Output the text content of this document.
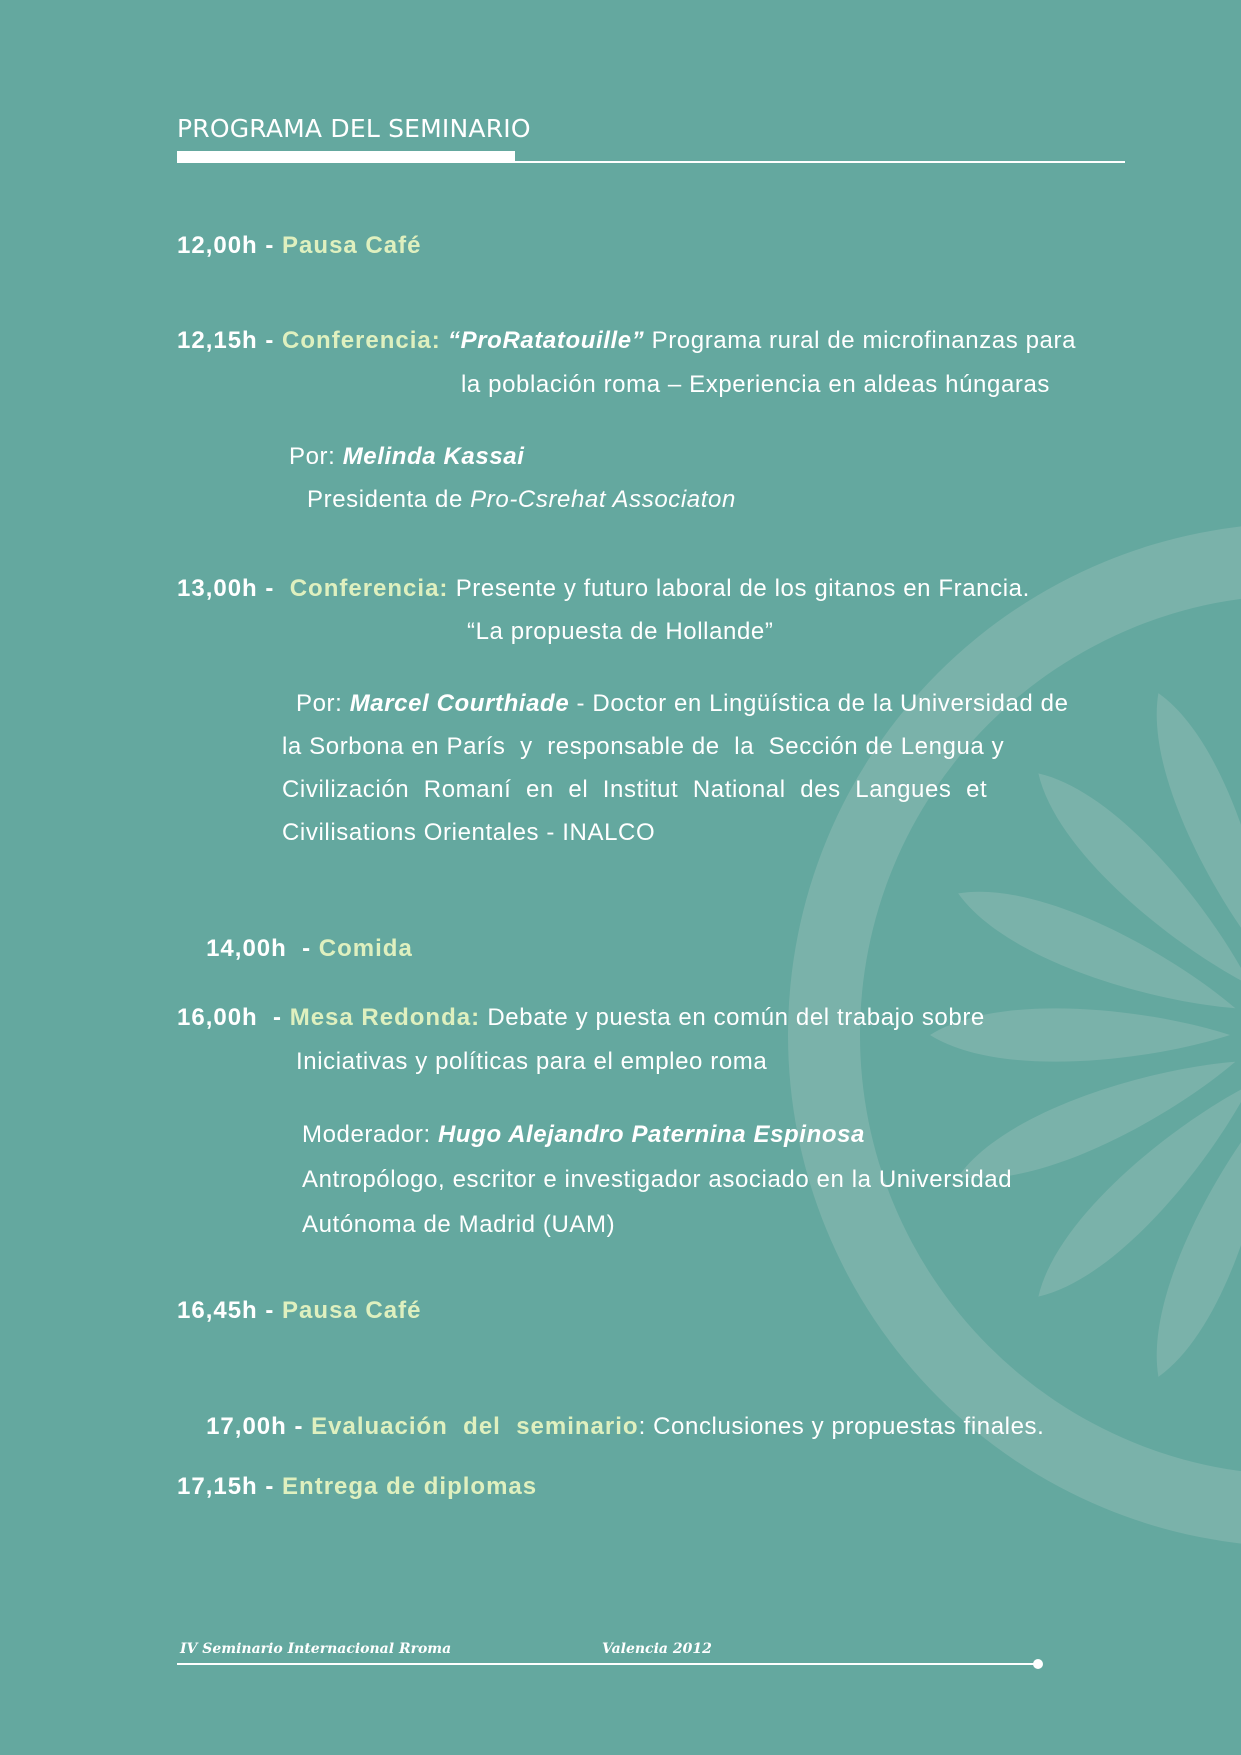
PROGRAMA DEL SEMINARIO
12,00h - Pausa Café
12,15h - Conferencia: “ProRatatouille” Programa rural de microfinanzas para
la población roma – Experiencia en aldeas húngaras
Por: Melinda Kassai
Presidenta de Pro-Csrehat Associaton
13,00h -  Conferencia: Presente y futuro laboral de los gitanos en Francia.
“La propuesta de Hollande”
Por: Marcel Courthiade - Doctor en Lingüística de la Universidad de
la Sorbona en París  y  responsable de  la  Sección de Lengua y
Civilización  Romaní  en  el  Institut  National  des  Langues  et
Civilisations Orientales - INALCO

14,00h  - Comida

16,00h  - Mesa Redonda: Debate y puesta en común del trabajo sobre
Iniciativas y políticas para el empleo roma
Moderador: Hugo Alejandro Paternina Espinosa
Antropólogo, escritor e investigador asociado en la Universidad
Autónoma de Madrid (UAM)
16,45h - Pausa Café

17,00h - Evaluación  del  seminario: Conclusiones y propuestas finales.

17,15h - Entrega de diplomas
IV Seminario Internacional Rroma	Valencia 2012
